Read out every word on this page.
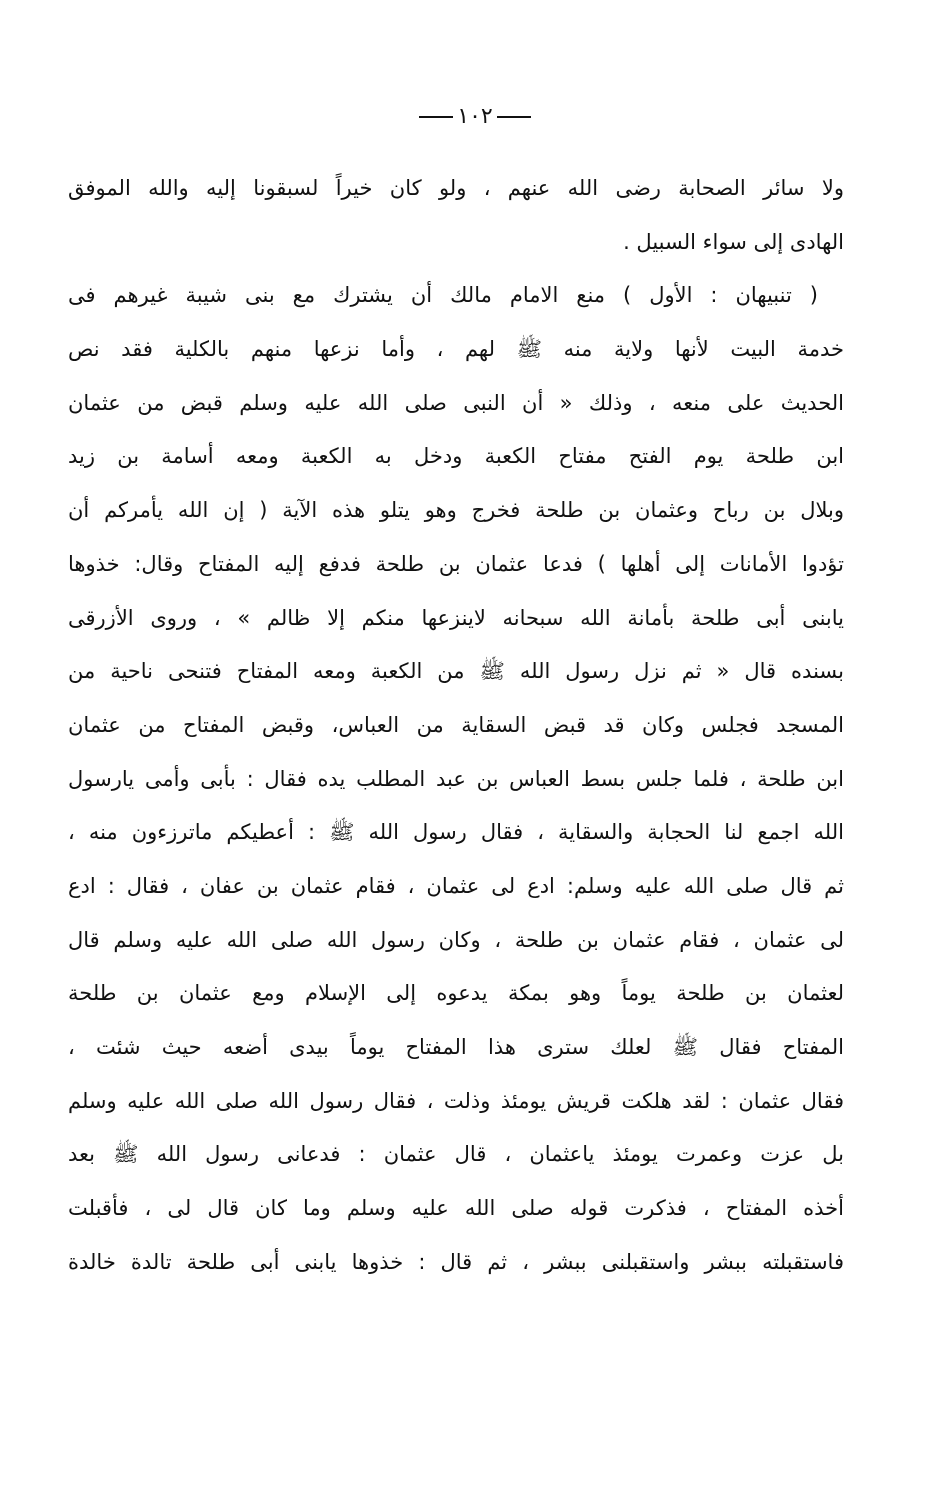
١٠٢
ولا سائر الصحابة رضى الله عنهم ، ولو كان خيراً لسبقونا إليه والله الموفق
الهادى إلى سواء السبيل .
( تنبيهان : الأول ) منع الامام مالك أن يشترك مع بنى شيبة غيرهم فى
خدمة البيت لأنها ولاية منه ﷺ لهم ، وأما نزعها منهم بالكلية فقد نص
الحديث على منعه ، وذلك « أن النبى صلى الله عليه وسلم قبض من عثمان
ابن طلحة يوم الفتح مفتاح الكعبة ودخل به الكعبة ومعه أسامة بن زيد
وبلال بن رباح وعثمان بن طلحة فخرج وهو يتلو هذه الآية ( إن الله يأمركم أن
تؤدوا الأمانات إلى أهلها ) فدعا عثمان بن طلحة فدفع إليه المفتاح وقال: خذوها
يابنى أبى طلحة بأمانة الله سبحانه لاينزعها منكم إلا ظالم » ، وروى الأزرقى
بسنده قال « ثم نزل رسول الله ﷺ من الكعبة ومعه المفتاح فتنحى ناحية من
المسجد فجلس وكان قد قبض السقاية من العباس، وقبض المفتاح من عثمان
ابن طلحة ، فلما جلس بسط العباس بن عبد المطلب يده فقال : بأبى وأمى يارسول
الله اجمع لنا الحجابة والسقاية ، فقال رسول الله ﷺ : أعطيكم ماترزءون منه ،
ثم قال صلى الله عليه وسلم: ادع لى عثمان ، فقام عثمان بن عفان ، فقال : ادع
لى عثمان ، فقام عثمان بن طلحة ، وكان رسول الله صلى الله عليه وسلم قال
لعثمان بن طلحة يوماً وهو بمكة يدعوه إلى الإسلام ومع عثمان بن طلحة
المفتاح فقال ﷺ لعلك سترى هذا المفتاح يوماً بيدى أضعه حيث شئت ،
فقال عثمان : لقد هلكت قريش يومئذ وذلت ، فقال رسول الله صلى الله عليه وسلم
بل عزت وعمرت يومئذ ياعثمان ، قال عثمان : فدعانى رسول الله ﷺ بعد
أخذه المفتاح ، فذكرت قوله صلى الله عليه وسلم وما كان قال لى ، فأقبلت
فاستقبلته ببشر واستقبلنى ببشر ، ثم قال : خذوها يابنى أبى طلحة تالدة خالدة
